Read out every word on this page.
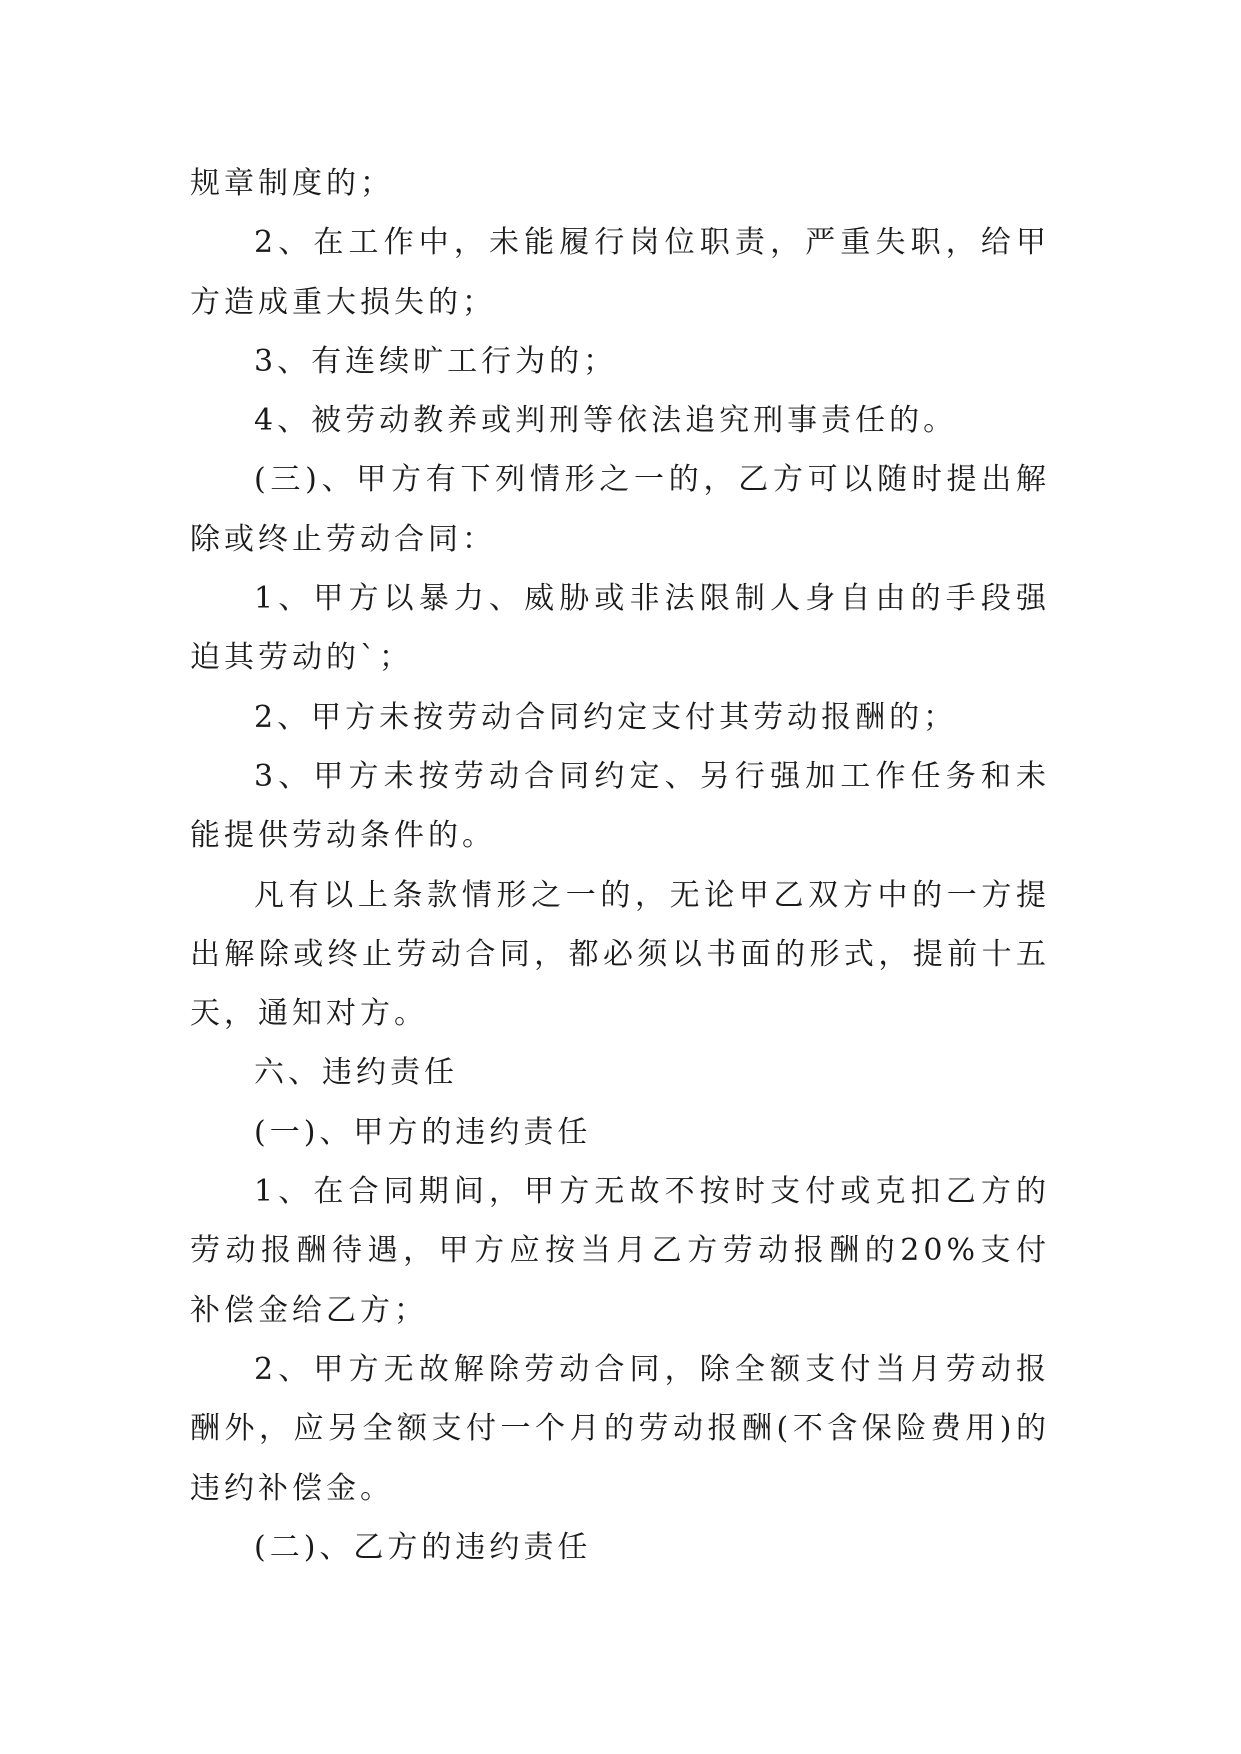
规章制度的；

2、在工作中，未能履行岗位职责，严重失职，给甲方造成重大损失的；

3、有连续旷工行为的；

4、被劳动教养或判刑等依法追究刑事责任的。

(三)、甲方有下列情形之一的，乙方可以随时提出解除或终止劳动合同：

1、甲方以暴力、威胁或非法限制人身自由的手段强迫其劳动的`；

2、甲方未按劳动合同约定支付其劳动报酬的；

3、甲方未按劳动合同约定、另行强加工作任务和未能提供劳动条件的。

凡有以上条款情形之一的，无论甲乙双方中的一方提出解除或终止劳动合同，都必须以书面的形式，提前十五天，通知对方。

六、违约责任

(一)、甲方的违约责任

1、在合同期间，甲方无故不按时支付或克扣乙方的劳动报酬待遇，甲方应按当月乙方劳动报酬的20%支付补偿金给乙方；

2、甲方无故解除劳动合同，除全额支付当月劳动报酬外，应另全额支付一个月的劳动报酬(不含保险费用)的违约补偿金。

(二)、乙方的违约责任
